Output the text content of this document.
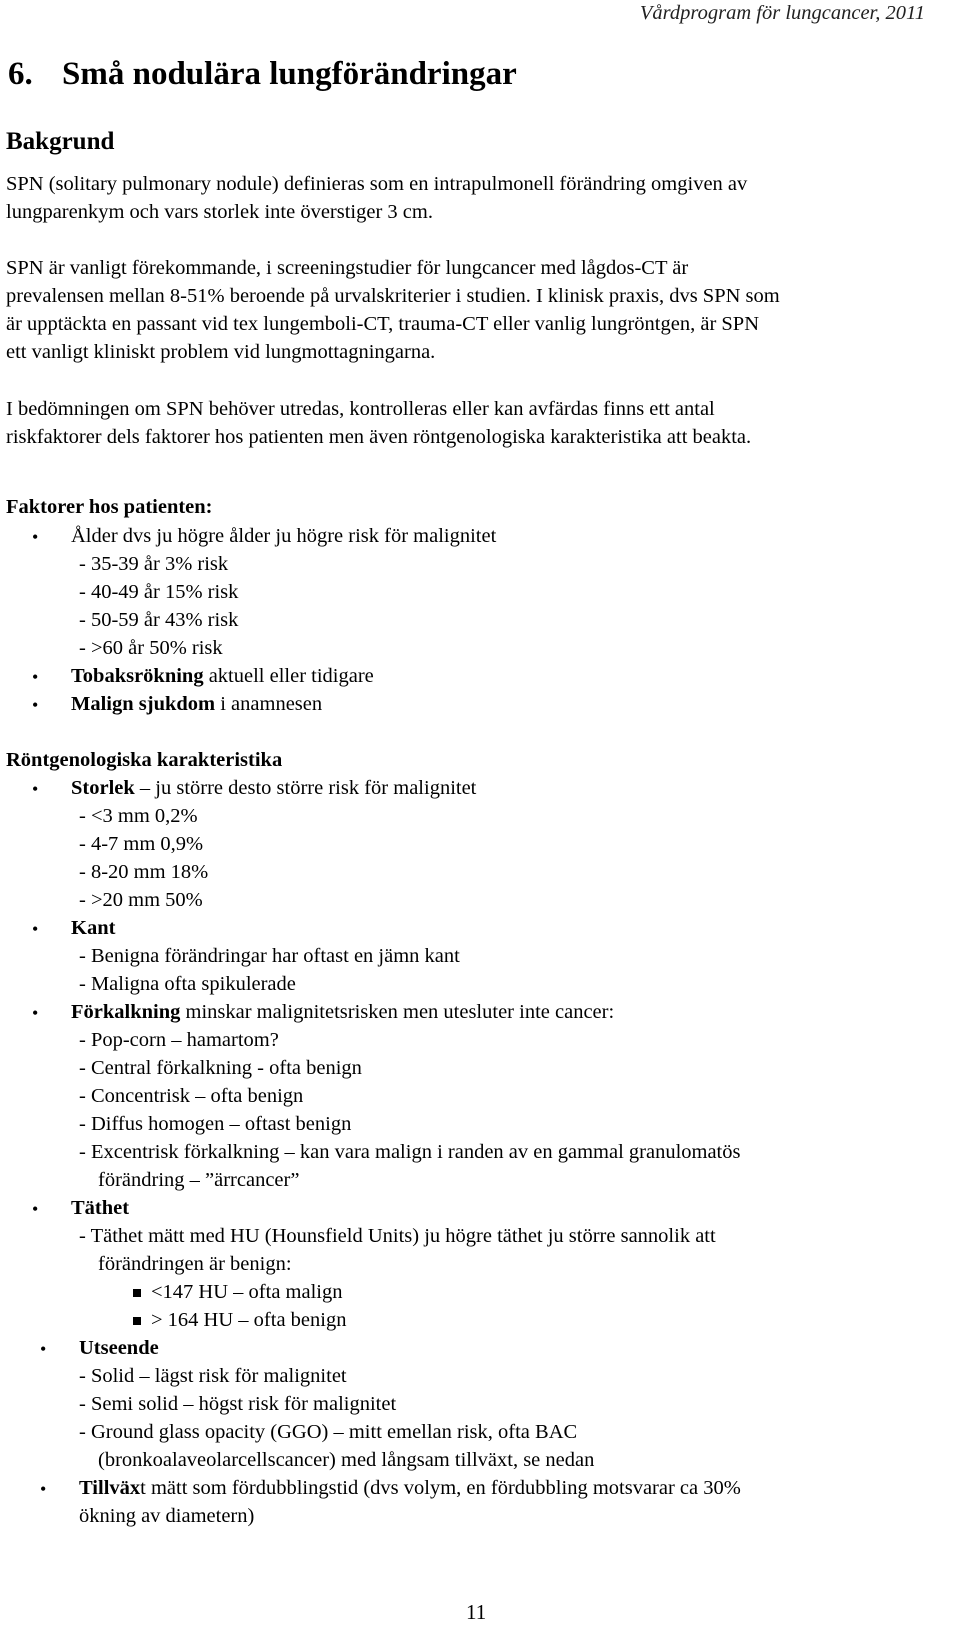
Vårdprogram för lungcancer, 2011
6. Små nodulära lungförändringar
Bakgrund
SPN (solitary pulmonary nodule) definieras som en intrapulmonell förändring omgiven av
lungparenkym och vars storlek inte överstiger 3 cm.
SPN är vanligt förekommande, i screeningstudier för lungcancer med lågdos-CT är
prevalensen mellan 8-51% beroende på urvalskriterier i studien. I klinisk praxis, dvs SPN som
är upptäckta en passant vid tex lungemboli-CT, trauma-CT eller vanlig lungröntgen, är SPN
ett vanligt kliniskt problem vid lungmottagningarna.
I bedömningen om SPN behöver utredas, kontrolleras eller kan avfärdas finns ett antal
riskfaktorer dels faktorer hos patienten men även röntgenologiska karakteristika att beakta.
Faktorer hos patienten:
• Ålder dvs ju högre ålder ju högre risk för malignitet
- 35-39 år 3% risk
- 40-49 år 15% risk
- 50-59 år 43% risk
- >60 år 50% risk
• Tobaksrökning aktuell eller tidigare
• Malign sjukdom i anamnesen
Röntgenologiska karakteristika
• Storlek – ju större desto större risk för malignitet
- <3 mm 0,2%
- 4-7 mm 0,9%
- 8-20 mm 18%
- >20 mm 50%
• Kant
- Benigna förändringar har oftast en jämn kant
- Maligna ofta spikulerade
• Förkalkning minskar malignitetsrisken men utesluter inte cancer:
- Pop-corn – hamartom?
- Central förkalkning - ofta benign
- Concentrisk – ofta benign
- Diffus homogen – oftast benign
- Excentrisk förkalkning – kan vara malign i randen av en gammal granulomatös
förändring – ”ärrcancer”
• Täthet
- Täthet mätt med HU (Hounsfield Units) ju högre täthet ju större sannolik att
förändringen är benign:
<147 HU – ofta malign
> 164 HU – ofta benign
• Utseende
- Solid – lägst risk för malignitet
- Semi solid – högst risk för malignitet
- Ground glass opacity (GGO) – mitt emellan risk, ofta BAC
(bronkoalaveolarcellscancer) med långsam tillväxt, se nedan
• Tillväxt mätt som fördubblingstid (dvs volym, en fördubbling motsvarar ca 30%
ökning av diametern)
11
